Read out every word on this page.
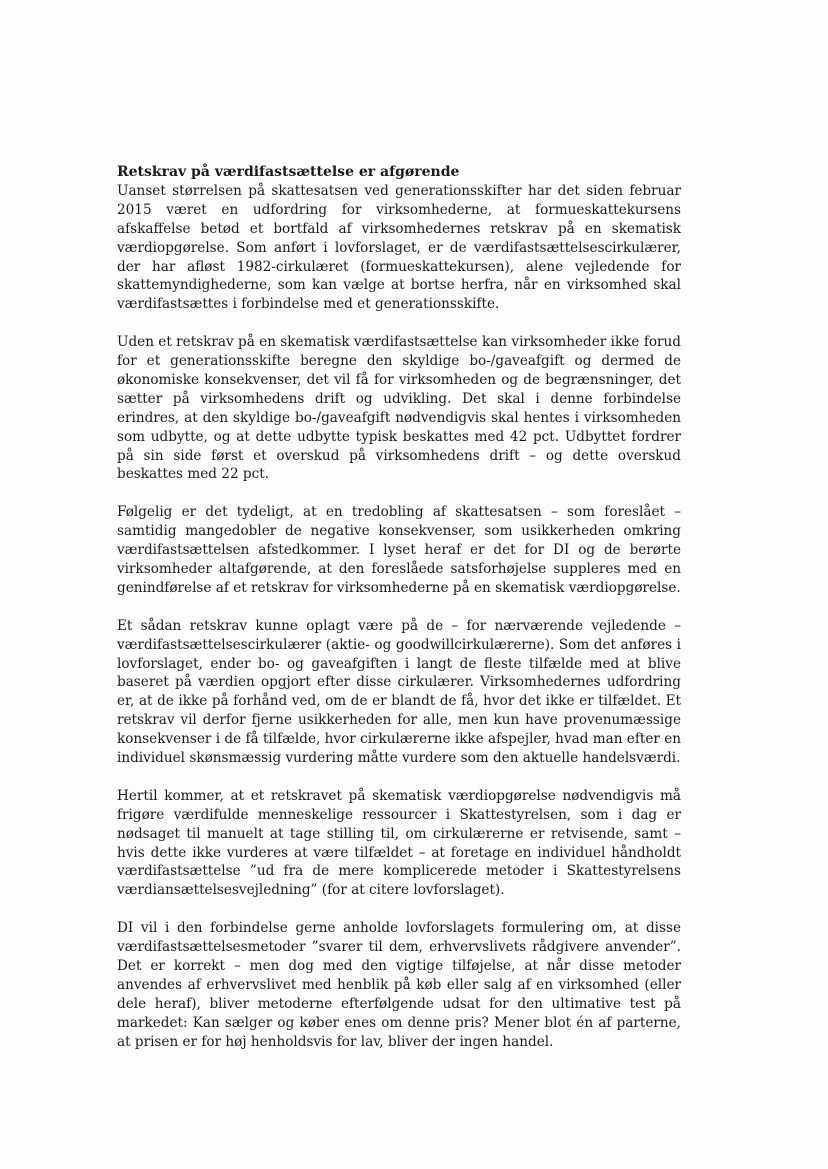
Retskrav på værdifastsættelse er afgørende

Uanset størrelsen på skattesatsen ved generationsskifter har det siden februar 2015 været en udfordring for virksomhederne, at formueskattekursens afskaffelse betød et bortfald af virksomhedernes retskrav på en skematisk værdiopgørelse. Som anført i lovforslaget, er de værdifastsættelsescirkulærer, der har afløst 1982-cirkulæret (formueskattekursen), alene vejledende for skattemyndighederne, som kan vælge at bortse herfra, når en virksomhed skal værdifastsættes i forbindelse med et generationsskifte.

Uden et retskrav på en skematisk værdifastsættelse kan virksomheder ikke forud for et generationsskifte beregne den skyldige bo-/gaveafgift og dermed de økonomiske konsekvenser, det vil få for virksomheden og de begrænsninger, det sætter på virksomhedens drift og udvikling. Det skal i denne forbindelse erindres, at den skyldige bo-/gaveafgift nødvendigvis skal hentes i virksomheden som udbytte, og at dette udbytte typisk beskattes med 42 pct. Udbyttet fordrer på sin side først et overskud på virksomhedens drift – og dette overskud beskattes med 22 pct.

Følgelig er det tydeligt, at en tredobling af skattesatsen – som foreslået – samtidig mangedobler de negative konsekvenser, som usikkerheden omkring værdifastsættelsen afstedkommer. I lyset heraf er det for DI og de berørte virksomheder altafgørende, at den foreslåede satsforhøjelse suppleres med en genindførelse af et retskrav for virksomhederne på en skematisk værdiopgørelse.

Et sådan retskrav kunne oplagt være på de – for nærværende vejledende – værdifastsættelsescirkulærer (aktie- og goodwillcirkulærerne). Som det anføres i lovforslaget, ender bo- og gaveafgiften i langt de fleste tilfælde med at blive baseret på værdien opgjort efter disse cirkulærer. Virksomhedernes udfordring er, at de ikke på forhånd ved, om de er blandt de få, hvor det ikke er tilfældet. Et retskrav vil derfor fjerne usikkerheden for alle, men kun have provenumæssige konsekvenser i de få tilfælde, hvor cirkulærerne ikke afspejler, hvad man efter en individuel skønsmæssig vurdering måtte vurdere som den aktuelle handelsværdi.

Hertil kommer, at et retskravet på skematisk værdiopgørelse nødvendigvis må frigøre værdifulde menneskelige ressourcer i Skattestyrelsen, som i dag er nødsaget til manuelt at tage stilling til, om cirkulærerne er retvisende, samt – hvis dette ikke vurderes at være tilfældet – at foretage en individuel håndholdt værdifastsættelse ”ud fra de mere komplicerede metoder i Skattestyrelsens værdiansættelsesvejledning” (for at citere lovforslaget).

DI vil i den forbindelse gerne anholde lovforslagets formulering om, at disse værdifastsættelsesmetoder ”svarer til dem, erhvervslivets rådgivere anvender”. Det er korrekt – men dog med den vigtige tilføjelse, at når disse metoder anvendes af erhvervslivet med henblik på køb eller salg af en virksomhed (eller dele heraf), bliver metoderne efterfølgende udsat for den ultimative test på markedet: Kan sælger og køber enes om denne pris? Mener blot én af parterne, at prisen er for høj henholdsvis for lav, bliver der ingen handel.
